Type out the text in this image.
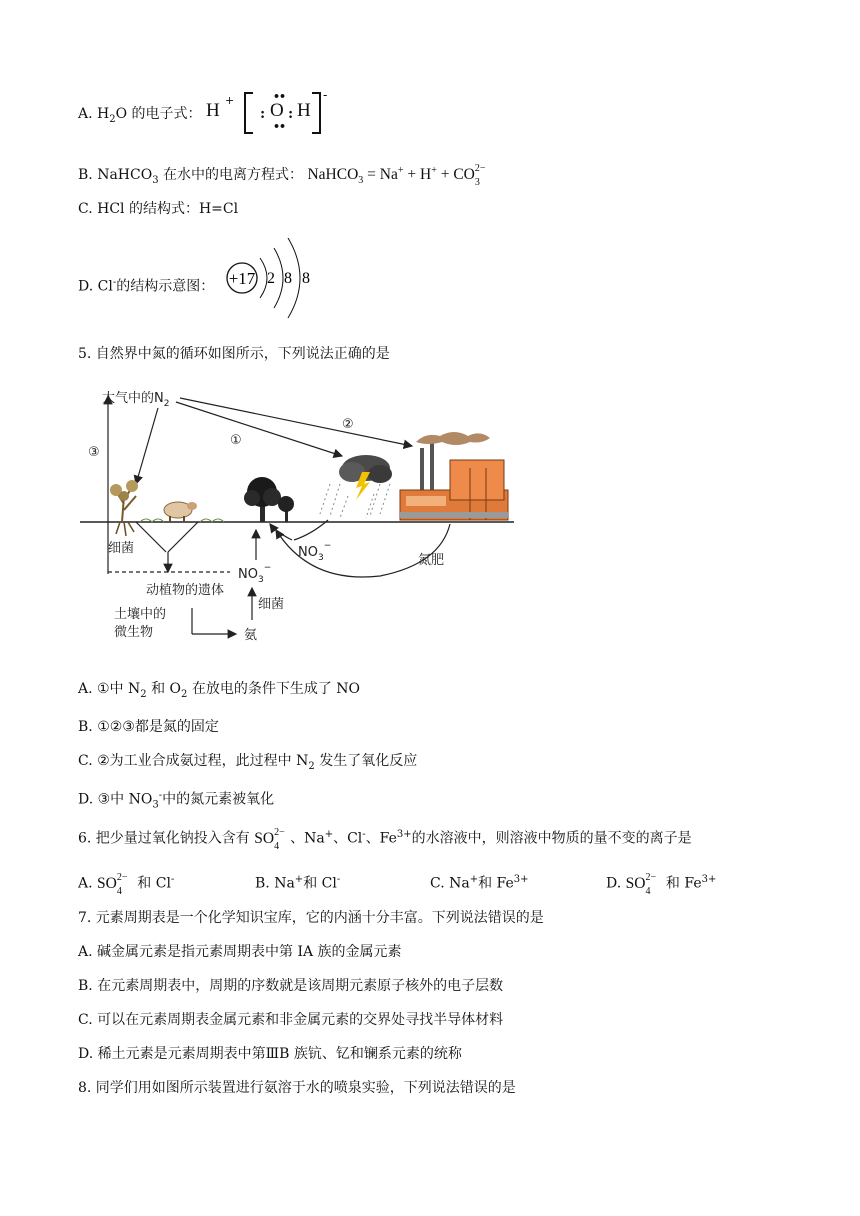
A. $H_2O$ 的电子式： H +
:
••
O
••
: H
-
B. NaHCO$_3$ 在水中的电离方程式： NaHCO$_3$ = Na+ + H+ + CO 2−
3
C. HCl 的结构式：H=Cl
D. Cl-的结构示意图： +17 2 8 8
5. 自然界中氮的循环如图所示，下列说法正确的是
③
大气中的$N_2$
①
②
细菌
动植物的遗体
$NO_3^-$
$NO_3^-$
氮肥
土壤中的
微生物	氨
细菌
A. ①中 $N_2$ 和 $O_2$ 在放电的条件下生成了 NO
B. ①②③都是氮的固定
C. ②为工业合成氨过程，此过程中 $N_2$ 发生了氧化反应
D. ③中 $NO_3^-$中的氮元素被氧化
6. 把少量过氧化钠投入含有 SO 2−
4 、Na+、Cl-、$Fe^{3+}$的水溶液中，则溶液中物质的量不变的离子是
A. SO 2−
4 和 Cl-	B. Na+和 Cl-	C. Na+和 $Fe^{3+}$	D. SO 2−
4 和 $Fe^{3+}$
7. 元素周期表是一个化学知识宝库，它的内涵十分丰富。下列说法错误的是
A. 碱金属元素是指元素周期表中第 IA 族的金属元素
B. 在元素周期表中，周期的序数就是该周期元素原子核外的电子层数
C. 可以在元素周期表金属元素和非金属元素的交界处寻找半导体材料
D. 稀土元素是元素周期表中第ⅢB 族钪、钇和镧系元素的统称
8. 同学们用如图所示装置进行氨溶于水的喷泉实验，下列说法错误的是
